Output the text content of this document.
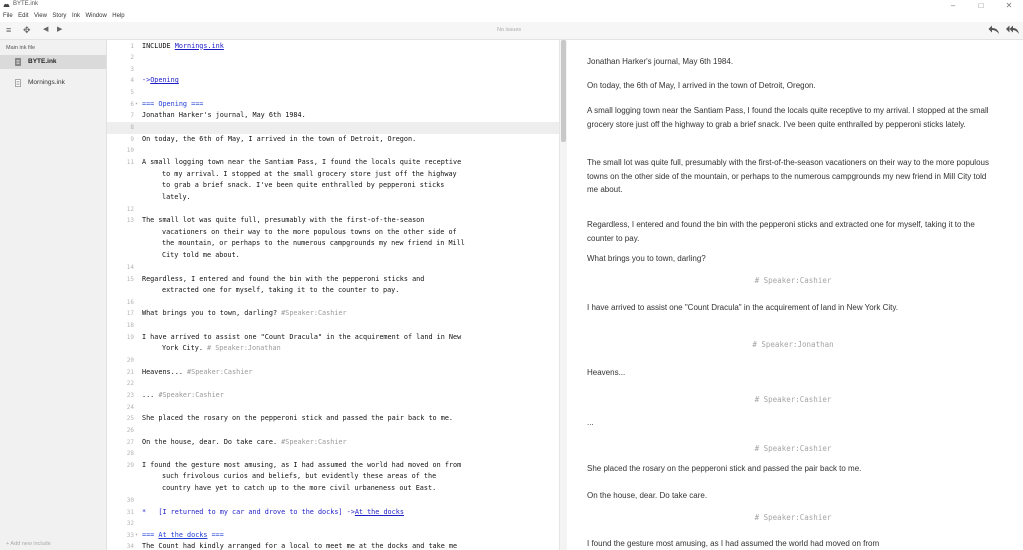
BYTE.ink	–	□	✕
File Edit View Story Ink Window Help
≡ ✥ ◀ ▶	No issues
Main ink file
BYTE.ink
Mornings.ink
+ Add new include
1 INCLUDE Mornings.ink
2
3
4 ->Opening
5
6 ▾ === Opening ===
7 Jonathan Harker's journal, May 6th 1984.
8
9 On today, the 6th of May, I arrived in the town of Detroit, Oregon.
10
11 A small logging town near the Santiam Pass, I found the locals quite receptive
to my arrival. I stopped at the small grocery store just off the highway
to grab a brief snack. I've been quite enthralled by pepperoni sticks
lately.
12
13 The small lot was quite full, presumably with the first-of-the-season
vacationers on their way to the more populous towns on the other side of
the mountain, or perhaps to the numerous campgrounds my new friend in Mill
City told me about.
14
15 Regardless, I entered and found the bin with the pepperoni sticks and
extracted one for myself, taking it to the counter to pay.
16
17 What brings you to town, darling? #Speaker:Cashier
18
19 I have arrived to assist one "Count Dracula" in the acquirement of land in New
York City. # Speaker:Jonathan
20
21 Heavens... #Speaker:Cashier
22
23 ... #Speaker:Cashier
24
25 She placed the rosary on the pepperoni stick and passed the pair back to me.
26
27 On the house, dear. Do take care. #Speaker:Cashier
28
29 I found the gesture most amusing, as I had assumed the world had moved on from
such frivolous curios and beliefs, but evidently these areas of the
country have yet to catch up to the more civil urbaneness out East.
30
31 *   [I returned to my car and drove to the docks] ->At_the_docks
32
33 ▾ === At_the_docks ===
34 The Count had kindly arranged for a local to meet me at the docks and take me
Jonathan Harker's journal, May 6th 1984.
On today, the 6th of May, I arrived in the town of Detroit, Oregon.
A small logging town near the Santiam Pass, I found the locals quite receptive to my arrival. I stopped at the small grocery store just off the highway to grab a brief snack. I've been quite enthralled by pepperoni sticks lately.
The small lot was quite full, presumably with the first-of-the-season vacationers on their way to the more populous towns on the other side of the mountain, or perhaps to the numerous campgrounds my new friend in Mill City told me about.
Regardless, I entered and found the bin with the pepperoni sticks and extracted one for myself, taking it to the counter to pay.
What brings you to town, darling?
# Speaker:Cashier
I have arrived to assist one "Count Dracula" in the acquirement of land in New York City.
# Speaker:Jonathan
Heavens...
# Speaker:Cashier
...
# Speaker:Cashier
She placed the rosary on the pepperoni stick and passed the pair back to me.
On the house, dear. Do take care.
# Speaker:Cashier
I found the gesture most amusing, as I had assumed the world had moved on from
